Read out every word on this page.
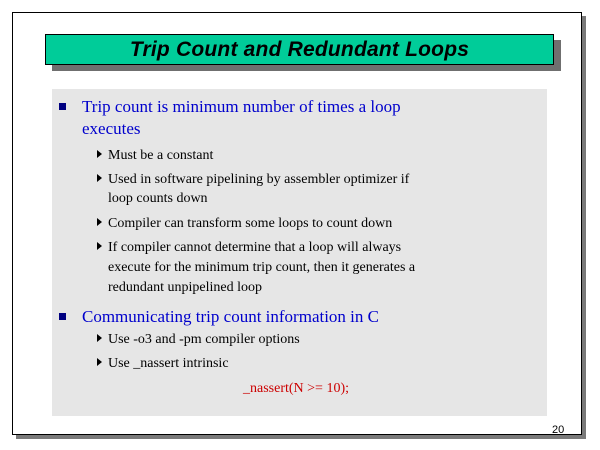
Trip Count and Redundant Loops
Trip count is minimum number of times a loop
executes
Must be a constant
Used in software pipelining by assembler optimizer if
loop counts down
Compiler can transform some loops to count down
If compiler cannot determine that a loop will always
execute for the minimum trip count, then it generates a
redundant unpipelined loop
Communicating trip count information in C
Use -o3 and -pm compiler options
Use _nassert intrinsic
_nassert(N >= 10);
20
